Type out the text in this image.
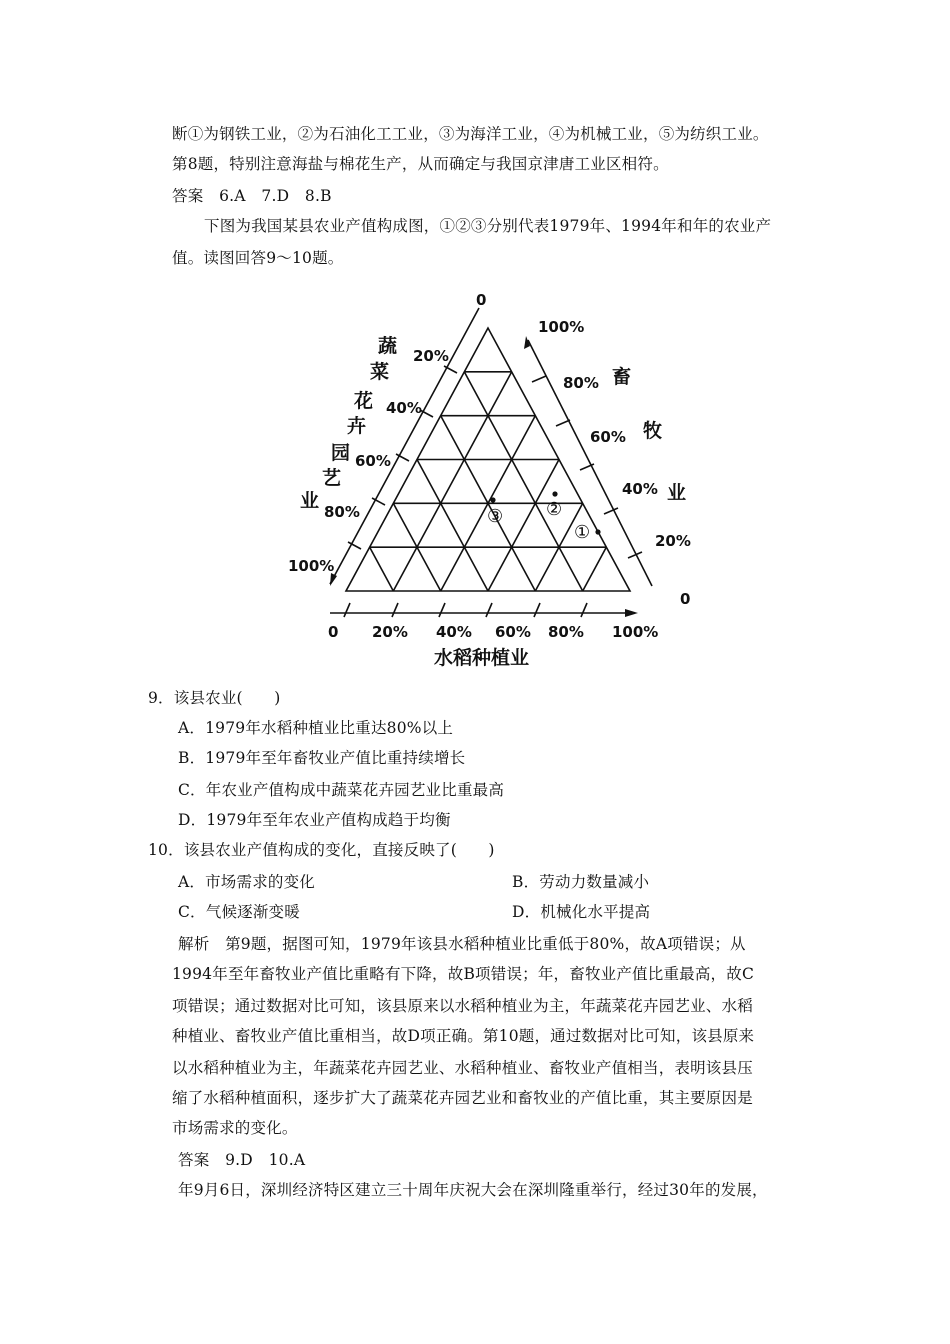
断①为钢铁工业，②为石油化工工业，③为海洋工业，④为机械工业，⑤为纺织工业。
第8题，特别注意海盐与棉花生产，从而确定与我国京津唐工业区相符。
答案　6.A　7.D　8.B
下图为我国某县农业产值构成图，①②③分别代表1979年、1994年和年的农业产
值。读图回答9～10题。
0
20%
40%
60%
80%
100%
100%
80%
60%
40%
20%
0
0 20% 40% 60% 80% 100%
蔬
菜
花
卉
园
艺
业
畜
牧
业
水稻种植业
③ ②
①
9．该县农业(　　)
A．1979年水稻种植业比重达80%以上
B．1979年至年畜牧业产值比重持续增长
C．年农业产值构成中蔬菜花卉园艺业比重最高
D．1979年至年农业产值构成趋于均衡
10．该县农业产值构成的变化，直接反映了(　　)
A．市场需求的变化	B．劳动力数量减小
C．气候逐渐变暖	D．机械化水平提高
解析　第9题，据图可知，1979年该县水稻种植业比重低于80%，故A项错误；从
1994年至年畜牧业产值比重略有下降，故B项错误；年，畜牧业产值比重最高，故C
项错误；通过数据对比可知，该县原来以水稻种植业为主，年蔬菜花卉园艺业、水稻
种植业、畜牧业产值比重相当，故D项正确。第10题，通过数据对比可知，该县原来
以水稻种植业为主，年蔬菜花卉园艺业、水稻种植业、畜牧业产值相当，表明该县压
缩了水稻种植面积，逐步扩大了蔬菜花卉园艺业和畜牧业的产值比重，其主要原因是
市场需求的变化。
答案　9.D　10.A
年9月6日，深圳经济特区建立三十周年庆祝大会在深圳隆重举行，经过30年的发展，
